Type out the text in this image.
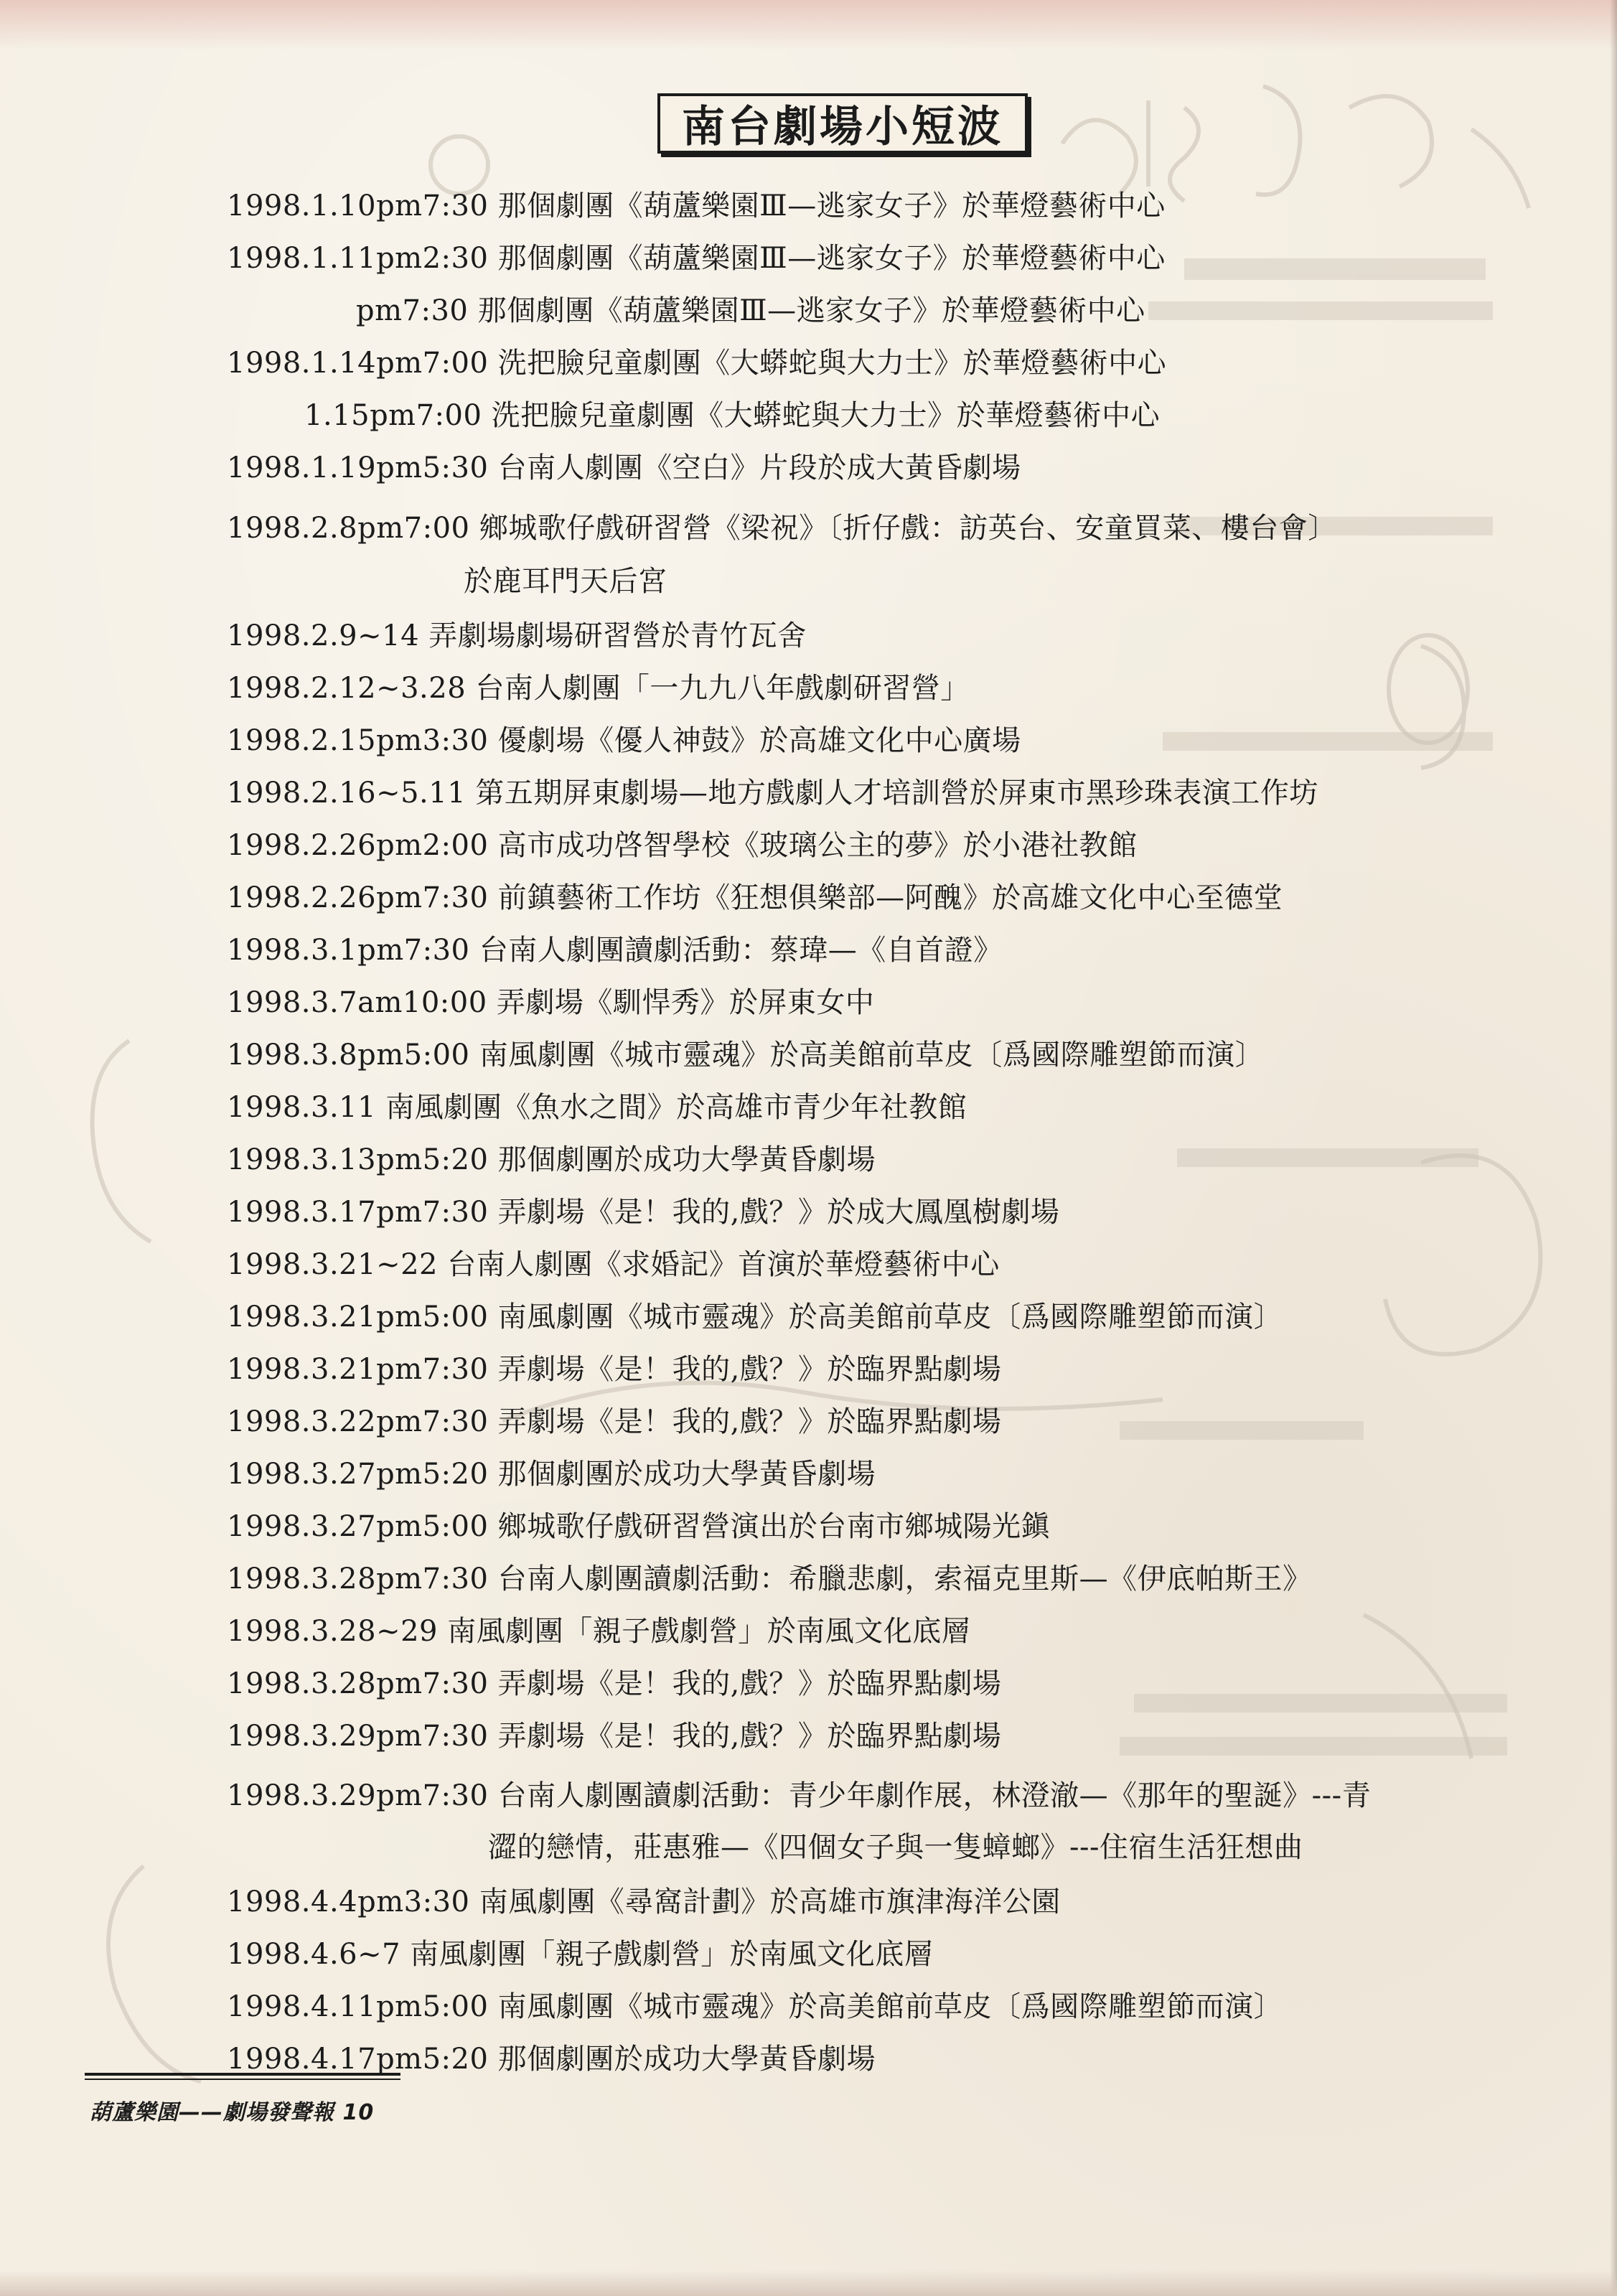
南台劇場小短波
1998.1.10pm7:30 那個劇團《葫蘆樂園Ⅲ—逃家女子》於華燈藝術中心
1998.1.11pm2:30 那個劇團《葫蘆樂園Ⅲ—逃家女子》於華燈藝術中心
pm7:30 那個劇團《葫蘆樂園Ⅲ—逃家女子》於華燈藝術中心
1998.1.14pm7:00 洗把臉兒童劇團《大蟒蛇與大力士》於華燈藝術中心
1.15pm7:00 洗把臉兒童劇團《大蟒蛇與大力士》於華燈藝術中心
1998.1.19pm5:30 台南人劇團《空白》片段於成大黃昏劇場
1998.2.8pm7:00 鄉城歌仔戲研習營《梁祝》〔折仔戲：訪英台、安童買菜、樓台會〕
於鹿耳門天后宮
1998.2.9~14 弄劇場劇場研習營於青竹瓦舍
1998.2.12~3.28 台南人劇團「一九九八年戲劇研習營」
1998.2.15pm3:30 優劇場《優人神鼓》於高雄文化中心廣場
1998.2.16~5.11 第五期屏東劇場—地方戲劇人才培訓營於屏東市黑珍珠表演工作坊
1998.2.26pm2:00 高市成功啓智學校《玻璃公主的夢》於小港社教館
1998.2.26pm7:30 前鎮藝術工作坊《狂想俱樂部—阿醜》於高雄文化中心至德堂
1998.3.1pm7:30 台南人劇團讀劇活動：蔡瑋—《自首證》
1998.3.7am10:00 弄劇場《馴悍秀》於屏東女中
1998.3.8pm5:00 南風劇團《城市靈魂》於高美館前草皮〔爲國際雕塑節而演〕
1998.3.11 南風劇團《魚水之間》於高雄市青少年社教館
1998.3.13pm5:20 那個劇團於成功大學黃昏劇場
1998.3.17pm7:30 弄劇場《是！我的,戲？》於成大鳳凰樹劇場
1998.3.21~22 台南人劇團《求婚記》首演於華燈藝術中心
1998.3.21pm5:00 南風劇團《城市靈魂》於高美館前草皮〔爲國際雕塑節而演〕
1998.3.21pm7:30 弄劇場《是！我的,戲？》於臨界點劇場
1998.3.22pm7:30 弄劇場《是！我的,戲？》於臨界點劇場
1998.3.27pm5:20 那個劇團於成功大學黃昏劇場
1998.3.27pm5:00 鄉城歌仔戲研習營演出於台南市鄉城陽光鎭
1998.3.28pm7:30 台南人劇團讀劇活動：希臘悲劇，索福克里斯—《伊底帕斯王》
1998.3.28~29 南風劇團「親子戲劇營」於南風文化底層
1998.3.28pm7:30 弄劇場《是！我的,戲？》於臨界點劇場
1998.3.29pm7:30 弄劇場《是！我的,戲？》於臨界點劇場
1998.3.29pm7:30 台南人劇團讀劇活動：青少年劇作展，林澄澈—《那年的聖誕》---青
澀的戀情，莊惠雅—《四個女子與一隻蟑螂》---住宿生活狂想曲
1998.4.4pm3:30 南風劇團《尋窩計劃》於高雄市旗津海洋公園
1998.4.6~7 南風劇團「親子戲劇營」於南風文化底層
1998.4.11pm5:00 南風劇團《城市靈魂》於高美館前草皮〔爲國際雕塑節而演〕
1998.4.17pm5:20 那個劇團於成功大學黃昏劇場
葫蘆樂園——劇場發聲報 10
